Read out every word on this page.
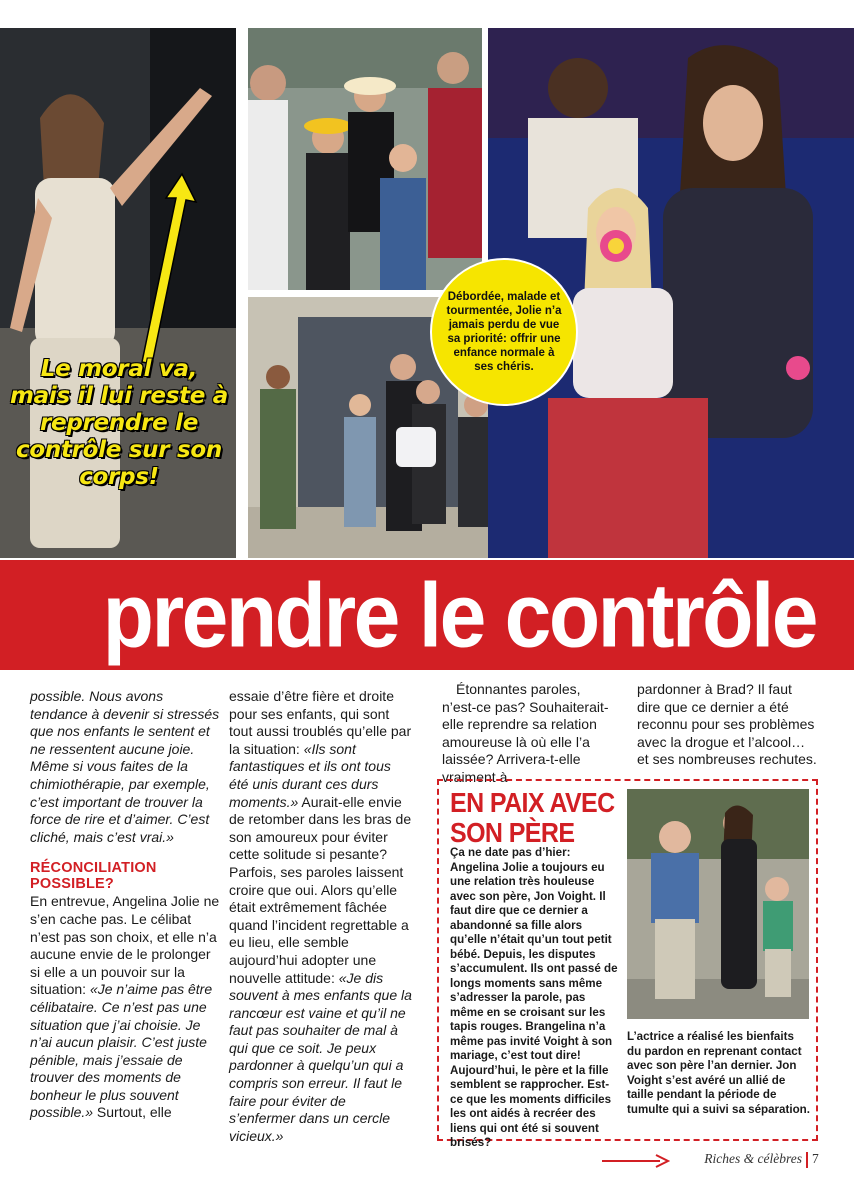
Le moral va, mais il lui reste à reprendre le contrôle sur son corps!
Débordée, malade et tourmentée, Jolie n’a jamais perdu de vue sa priorité: offrir une enfance normale à ses chéris.
prendre le contrôle

possible. Nous avons tendance à devenir si stressés que nos enfants le sentent et ne ressentent aucune joie. Même si vous faites de la chimiothérapie, par exemple, c’est important de trouver la force de rire et d’aimer. C’est cliché, mais c’est vrai.»

RÉCONCILIATION POSSIBLE?

En entrevue, Angelina Jolie ne s’en cache pas. Le célibat n’est pas son choix, et elle n’a aucune envie de le prolonger si elle a un pouvoir sur la situation: «Je n’aime pas être célibataire. Ce n’est pas une situation que j’ai choisie. Je n’ai aucun plaisir. C’est juste pénible, mais j’essaie de trouver des moments de bonheur le plus souvent possible.» Surtout, elle

essaie d’être fière et droite pour ses enfants, qui sont tout aussi troublés qu’elle par la situation: «Ils sont fantastiques et ils ont tous été unis durant ces durs moments.» Aurait-elle envie de retomber dans les bras de son amoureux pour éviter cette solitude si pesante? Parfois, ses paroles laissent croire que oui. Alors qu’elle était extrêmement fâchée quand l’incident regrettable a eu lieu, elle semble aujourd’hui adopter une nouvelle attitude: «Je dis souvent à mes enfants que la rancœur est vaine et qu’il ne faut pas souhaiter de mal à qui que ce soit. Je peux pardonner à quelqu’un qui a compris son erreur. Il faut le faire pour éviter de s’enfermer dans un cercle vicieux.»

Étonnantes paroles, n’est-ce pas? Souhaiterait-elle reprendre sa relation amoureuse là où elle l’a laissée? Arrivera-t-elle vraiment à

pardonner à Brad? Il faut dire que ce dernier a été reconnu pour ses problèmes avec la drogue et l’alcool… et ses nombreuses rechutes.

EN PAIX AVEC SON PÈRE
Ça ne date pas d’hier: Angelina Jolie a toujours eu une relation très houleuse avec son père, Jon Voight. Il faut dire que ce dernier a abandonné sa fille alors qu’elle n’était qu’un tout petit bébé. Depuis, les disputes s’accumulent. Ils ont passé de longs moments sans même s’adresser la parole, pas même en se croisant sur les tapis rouges. Brangelina n’a même pas invité Voight à son mariage, c’est tout dire! Aujourd’hui, le père et la fille semblent se rapprocher. Est-ce que les moments difficiles les ont aidés à recréer des liens qui ont été si souvent brisés?
L’actrice a réalisé les bienfaits du pardon en reprenant contact avec son père l’an dernier. Jon Voight s’est avéré un allié de taille pendant la période de tumulte qui a suivi sa séparation.
Riches & célèbres 7
